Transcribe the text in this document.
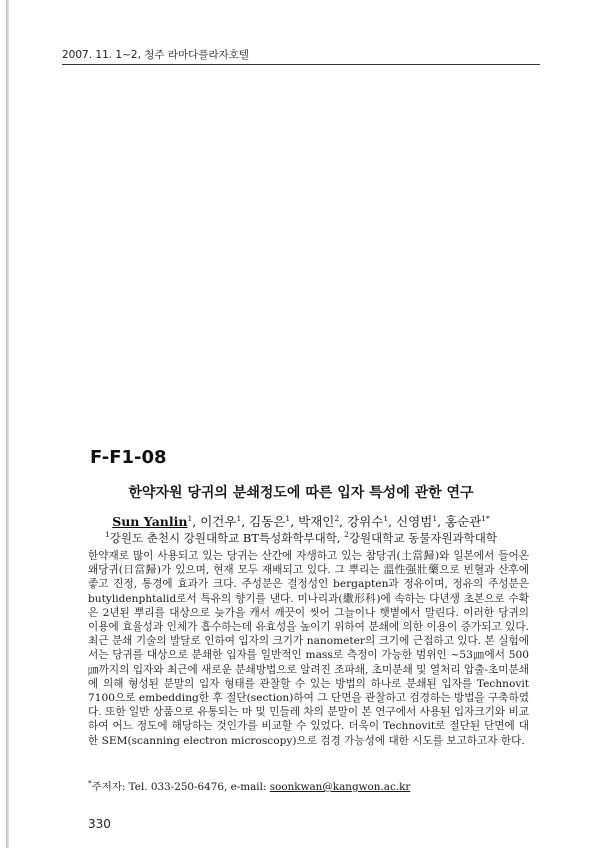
2007. 11. 1~2, 청주 라마다플라자호텔
F-F1-08
한약자원 당귀의 분쇄정도에 따른 입자 특성에 관한 연구
Sun Yanlin$^1$, 이건우$^1$, 김동은$^1$, 박재인$^2$, 강위수$^1$, 신영범$^1$, 홍순관$^{1*}$
$^1$강원도 춘천시 강원대학교 BT특성화학부대학, $^2$강원대학교 동물자원과학대학

한약재로 많이 사용되고 있는 당귀는 산간에 자생하고 있는 참당귀(土當歸)와 일본에서 들어온 왜당귀(日當歸)가 있으며, 현재 모두 재배되고 있다. 그 뿌리는 溫性强壯藥으로 빈혈과 산후에 좋고 진정, 통경에 효과가 크다. 주성분은 결정성인 bergapten과 정유이며, 정유의 주성분은 butylidenphtalid로서 특유의 향기를 낸다. 미나리과(繖形科)에 속하는 다년생 초본으로 수확은 2년된 뿌리를 대상으로 늦가을 캐서 깨끗이 씻어 그늘이나 햇볕에서 말린다. 이러한 당귀의 이용에 효율성과 인체가 흡수하는데 유효성을 높이기 위하여 분쇄에 의한 이용이 증가되고 있다. 최근 분쇄 기술의 발달로 인하여 입자의 크기가 nanometer의 크기에 근접하고 있다. 본 실험에서는 당귀를 대상으로 분쇄한 입자를 일반적인 mass로 측정이 가능한 범위인 ~53㎛에서 500㎛까지의 입자와 최근에 새로운 분쇄방법으로 알려진 조파쇄, 초미분쇄 및 열처리 압출-초미분쇄에 의해 형성된 분말의 입자 형태를 관찰할 수 있는 방법의 하나로 분쇄된 입자를 Technovit 7100으로 embedding한 후 절단(section)하여 그 단면을 관찰하고 검경하는 방법을 구축하였다. 또한 일반 상품으로 유통되는 마 및 민들레 차의 분말이 본 연구에서 사용된 입자크기와 비교하여 어느 정도에 해당하는 것인가를 비교할 수 있었다. 더욱이 Technovit로 절단된 단면에 대한 SEM(scanning electron microscopy)으로 검경 가능성에 대한 시도를 보고하고자 한다.

*주저자: Tel. 033-250-6476, e-mail: soonkwan@kangwon.ac.kr
330
